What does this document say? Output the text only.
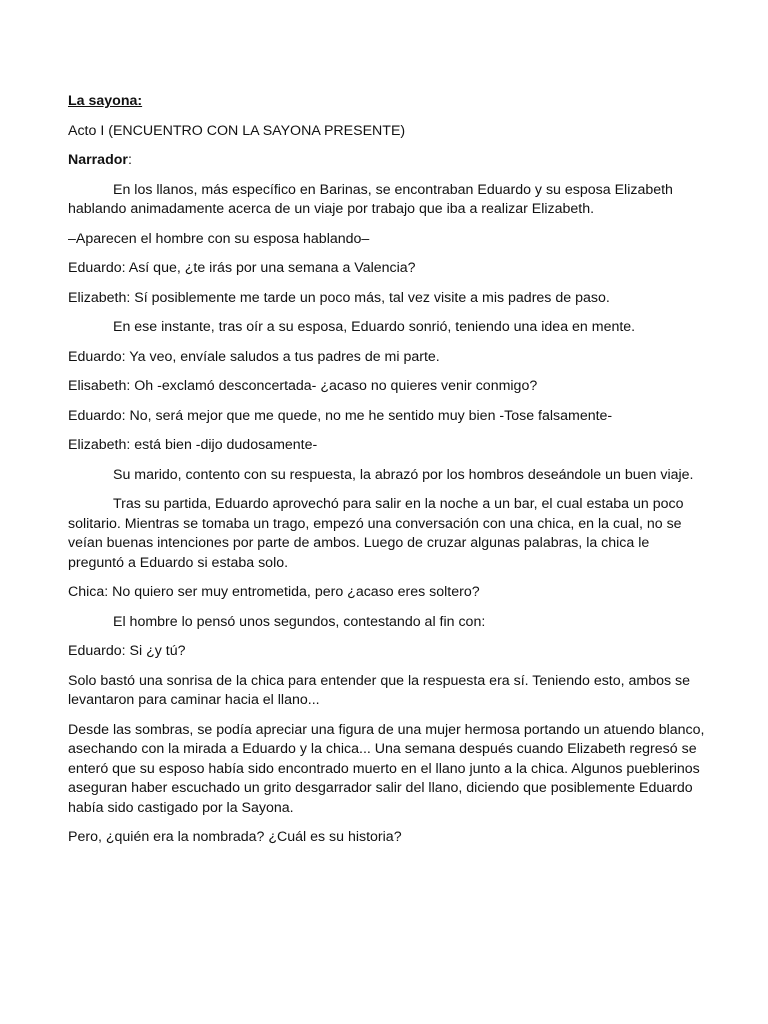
La sayona:

Acto I (ENCUENTRO CON LA SAYONA PRESENTE)

Narrador:

En los llanos, más específico en Barinas, se encontraban Eduardo y su esposa Elizabeth hablando animadamente acerca de un viaje por trabajo que iba a realizar Elizabeth.

–Aparecen el hombre con su esposa hablando–

Eduardo: Así que, ¿te irás por una semana a Valencia?

Elizabeth: Sí posiblemente me tarde un poco más, tal vez visite a mis padres de paso.

En ese instante, tras oír a su esposa, Eduardo sonrió, teniendo una idea en mente.

Eduardo: Ya veo, envíale saludos a tus padres de mi parte.

Elisabeth: Oh -exclamó desconcertada- ¿acaso no quieres venir conmigo?

Eduardo: No, será mejor que me quede, no me he sentido muy bien -Tose falsamente-

Elizabeth: está bien -dijo dudosamente-

Su marido, contento con su respuesta, la abrazó por los hombros deseándole un buen viaje.

Tras su partida, Eduardo aprovechó para salir en la noche a un bar, el cual estaba un poco solitario. Mientras se tomaba un trago, empezó una conversación con una chica, en la cual, no se veían buenas intenciones por parte de ambos. Luego de cruzar algunas palabras, la chica le preguntó a Eduardo si estaba solo.

Chica: No quiero ser muy entrometida, pero ¿acaso eres soltero?

El hombre lo pensó unos segundos, contestando al fin con:

Eduardo: Si ¿y tú?

Solo bastó una sonrisa de la chica para entender que la respuesta era sí. Teniendo esto, ambos se levantaron para caminar hacia el llano...

Desde las sombras, se podía apreciar una figura de una mujer hermosa portando un atuendo blanco, asechando con la mirada a Eduardo y la chica... Una semana después cuando Elizabeth regresó se enteró que su esposo había sido encontrado muerto en el llano junto a la chica. Algunos pueblerinos aseguran haber escuchado un grito desgarrador salir del llano, diciendo que posiblemente Eduardo había sido castigado por la Sayona.

Pero, ¿quién era la nombrada? ¿Cuál es su historia?
